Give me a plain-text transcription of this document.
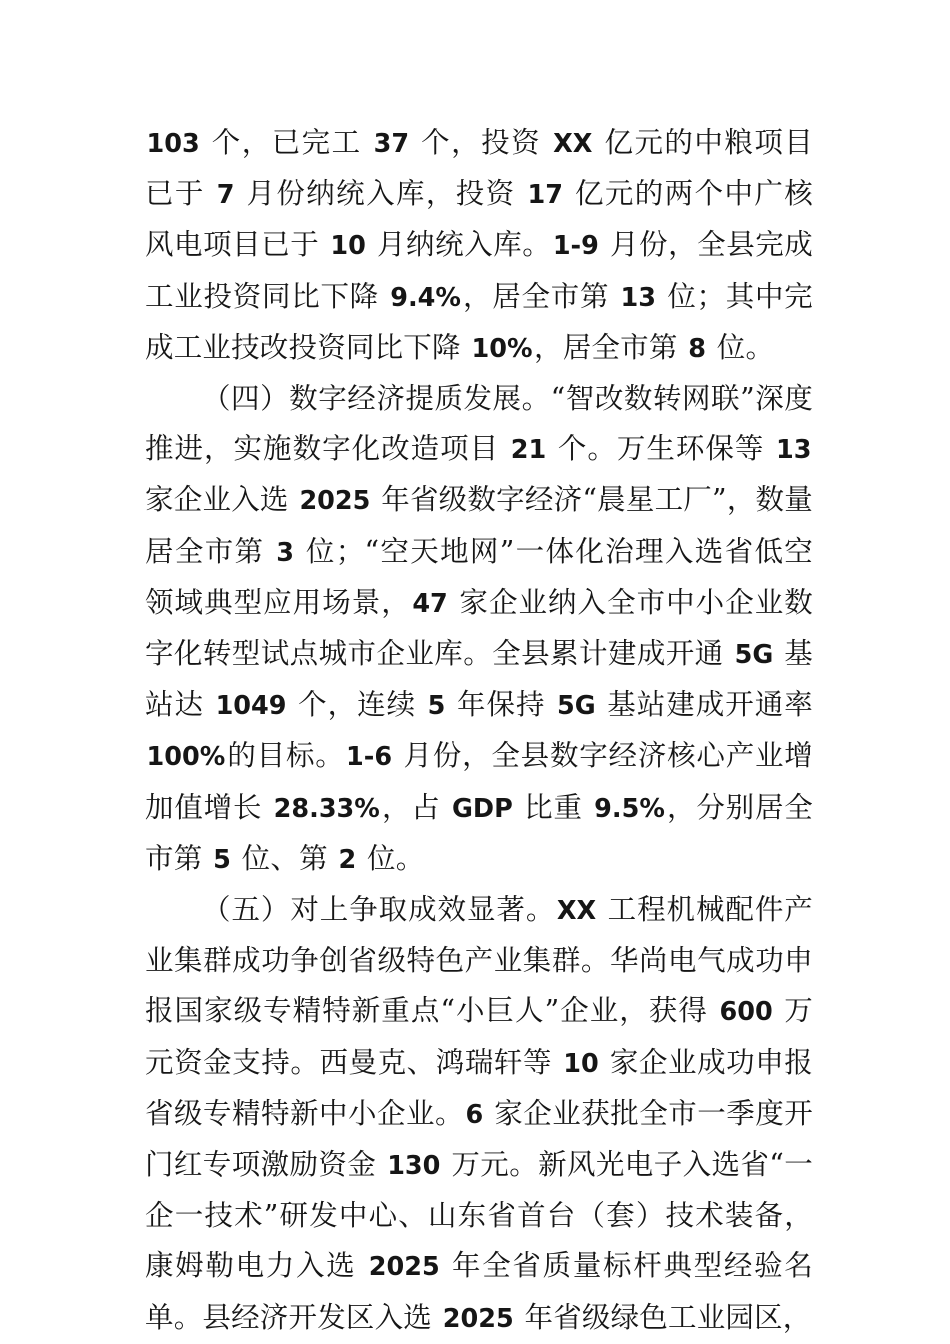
103 个，已完工 37 个，投资 XX 亿元的中粮项目已于 7 月份纳统入库，投资 17 亿元的两个中广核风电项目已于 10 月纳统入库。1-9 月份，全县完成工业投资同比下降 9.4%，居全市第 13 位；其中完成工业技改投资同比下降 10%，居全市第 8 位。

（四）数字经济提质发展。“智改数转网联”深度推进，实施数字化改造项目 21 个。万生环保等 13 家企业入选 2025 年省级数字经济“晨星工厂”，数量居全市第 3 位；“空天地网”一体化治理入选省低空领域典型应用场景，47 家企业纳入全市中小企业数字化转型试点城市企业库。全县累计建成开通 5G 基站达 1049 个，连续 5 年保持 5G 基站建成开通率 100%的目标。1-6 月份，全县数字经济核心产业增加值增长 28.33%，占 GDP 比重 9.5%，分别居全市第 5 位、第 2 位。

（五）对上争取成效显著。XX 工程机械配件产业集群成功争创省级特色产业集群。华尚电气成功申报国家级专精特新重点“小巨人”企业，获得 600 万元资金支持。西曼克、鸿瑞轩等 10 家企业成功申报省级专精特新中小企业。6 家企业获批全市一季度开门红专项激励资金 130 万元。新风光电子入选省“一企一技术”研发中心、山东省首台（套）技术装备，康姆勒电力入选 2025 年全省质量标杆典型经验名单。县经济开发区入选 2025 年省级绿色工业园区，
